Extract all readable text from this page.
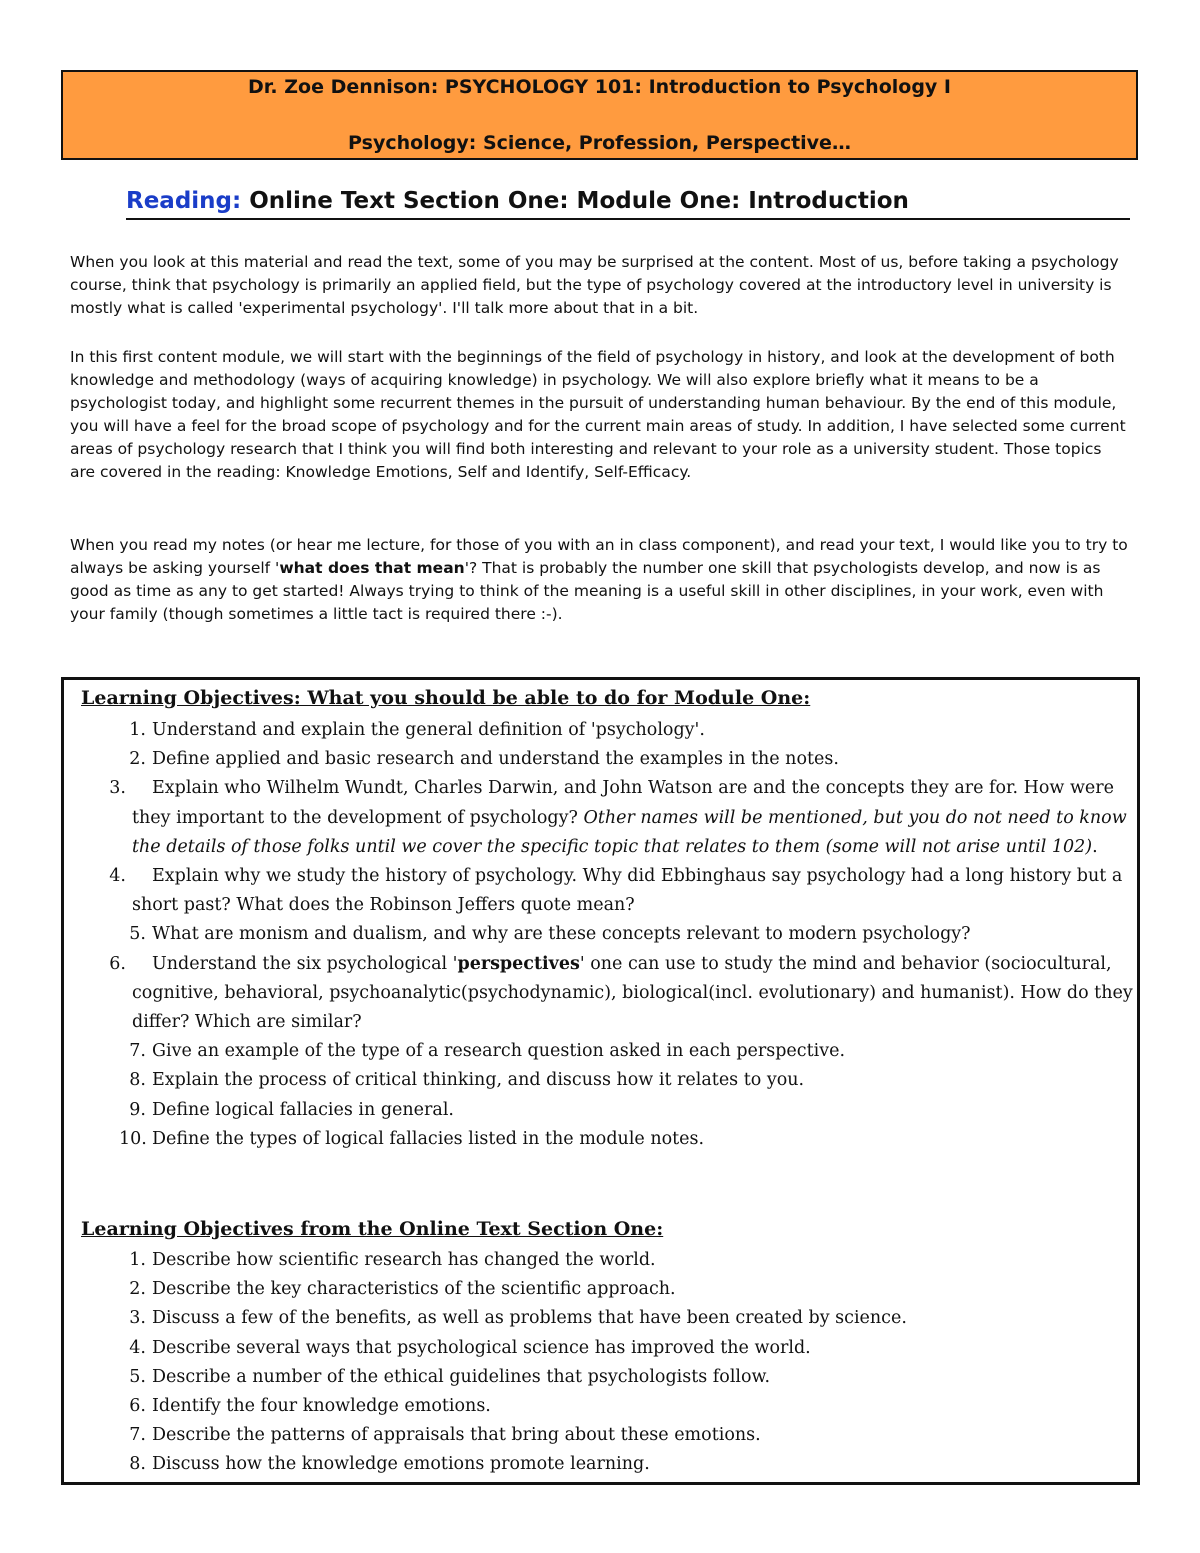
Dr. Zoe Dennison: PSYCHOLOGY 101: Introduction to Psychology I
Psychology: Science, Profession, Perspective…
Reading: Online Text Section One: Module One: Introduction

When you look at this material and read the text, some of you may be surprised at the content. Most of us, before taking a psychology course, think that psychology is primarily an applied field, but the type of psychology covered at the introductory level in university is mostly what is called 'experimental psychology'. I'll talk more about that in a bit.

In this first content module, we will start with the beginnings of the field of psychology in history, and look at the development of both knowledge and methodology (ways of acquiring knowledge) in psychology. We will also explore briefly what it means to be a psychologist today, and highlight some recurrent themes in the pursuit of understanding human behaviour. By the end of this module, you will have a feel for the broad scope of psychology and for the current main areas of study. In addition, I have selected some current areas of psychology research that I think you will find both interesting and relevant to your role as a university student. Those topics are covered in the reading: Knowledge Emotions, Self and Identify, Self-Efficacy.

When you read my notes (or hear me lecture, for those of you with an in class component), and read your text, I would like you to try to always be asking yourself 'what does that mean'? That is probably the number one skill that psychologists develop, and now is as good as time as any to get started! Always trying to think of the meaning is a useful skill in other disciplines, in your work, even with your family (though sometimes a little tact is required there :-).

Learning Objectives: What you should be able to do for Module One:
1. Understand and explain the general definition of 'psychology'.
2. Define applied and basic research and understand the examples in the notes.
3. Explain who Wilhelm Wundt, Charles Darwin, and John Watson are and the concepts they are for. How were they important to the development of psychology? Other names will be mentioned, but you do not need to know the details of those folks until we cover the specific topic that relates to them (some will not arise until 102).
4. Explain why we study the history of psychology. Why did Ebbinghaus say psychology had a long history but a short past? What does the Robinson Jeffers quote mean?
5. What are monism and dualism, and why are these concepts relevant to modern psychology?
6. Understand the six psychological 'perspectives' one can use to study the mind and behavior (sociocultural, cognitive, behavioral, psychoanalytic(psychodynamic), biological(incl. evolutionary) and humanist). How do they differ? Which are similar?
7. Give an example of the type of a research question asked in each perspective.
8. Explain the process of critical thinking, and discuss how it relates to you.
9. Define logical fallacies in general.
10. Define the types of logical fallacies listed in the module notes.
Learning Objectives from the Online Text Section One:
1. Describe how scientific research has changed the world.
2. Describe the key characteristics of the scientific approach.
3. Discuss a few of the benefits, as well as problems that have been created by science.
4. Describe several ways that psychological science has improved the world.
5. Describe a number of the ethical guidelines that psychologists follow.
6. Identify the four knowledge emotions.
7. Describe the patterns of appraisals that bring about these emotions.
8. Discuss how the knowledge emotions promote learning.
